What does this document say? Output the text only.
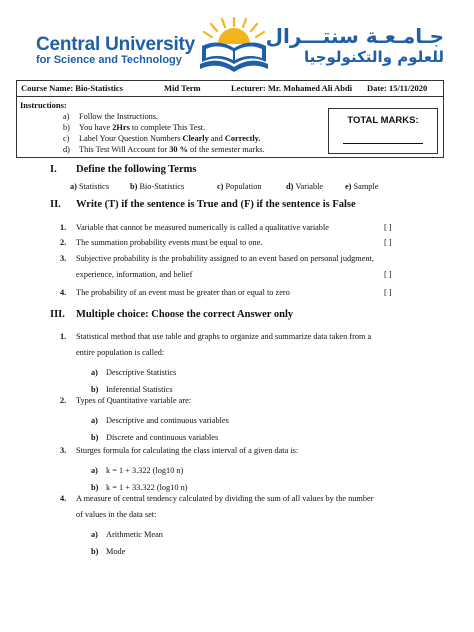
Central University
for Science and Technology
جـامـعـة سنتـــرال
للعلوم والتكنولوجيا
Course Name: Bio-Statistics	Mid Term	Lecturer: Mr. Mohamed Ali Abdi Date: 15/11/2020
Instructions:
a) Follow the Instructions.
b) You have 2Hrs to complete This Test.
c) Label Your Question Numbers Clearly and Correctly.
d) This Test Will Account for 30 % of the semester marks.
TOTAL MARKS:
I. Define the following Terms
a) Statistics	b) Bio-Statistics	c) Population	d) Variable	e) Sample
II. Write (T) if the sentence is True and (F) if the sentence is False
1. Variable that cannot be measured numerically is called a qualitative variable	[ ]
2. The summation probability events must be equal to one.	[ ]
3. Subjective probability is the probability assigned to an event based on personal judgment,
experience, information, and belief	[ ]
4. The probability of an event must be greater than or equal to zero	[ ]
III. Multiple choice: Choose the correct Answer only
1. Statistical method that use table and graphs to organize and summarize data taken from a
entire population is called:
a) Descriptive Statistics
b) Inferential Statistics
2. Types of Quantitative variable are:
a) Descriptive and continuous variables
b) Discrete and continuous variables
3. Sturges formula for calculating the class interval of a given data is:
a) k = 1 + 3.322 (log10 n)
b) k = 1 + 33.322 (log10 n)
4. A measure of central tendency calculated by dividing the sum of all values by the number
of values in the data set:
a) Arithmetic Mean
b) Mode
